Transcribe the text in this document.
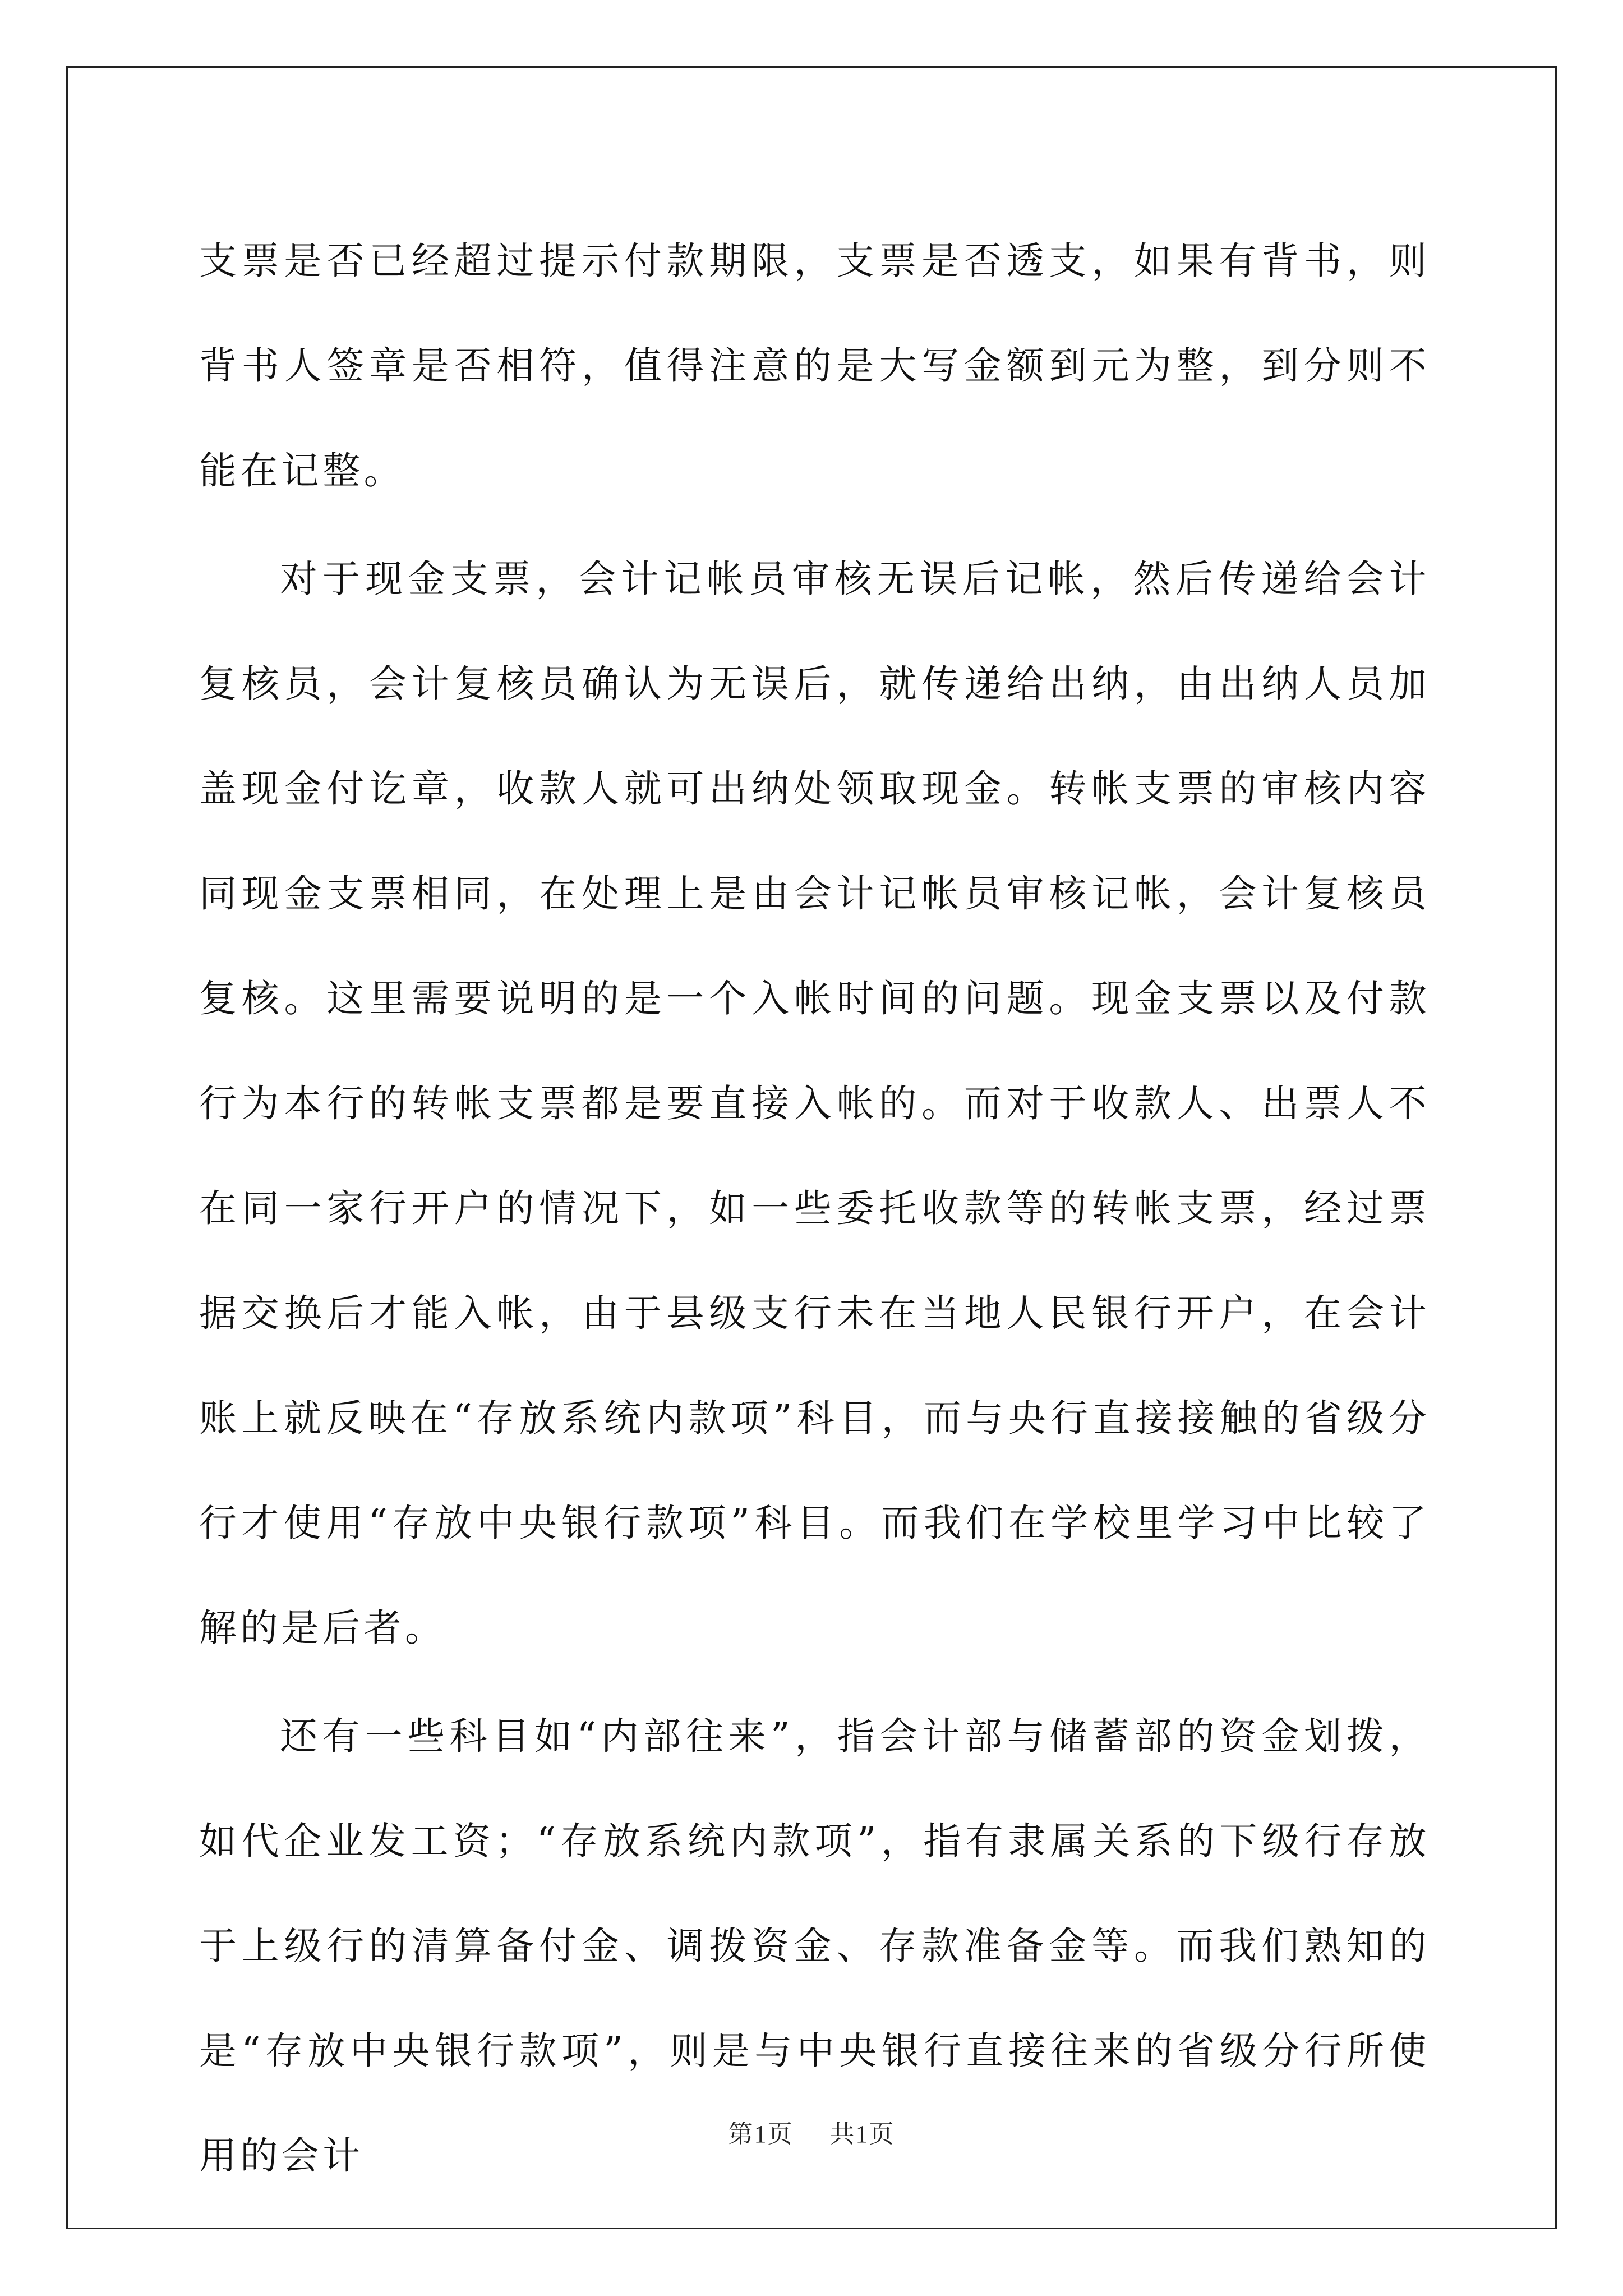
支票是否已经超过提示付款期限，支票是否透支，如果有背书，则背书人签章是否相符，值得注意的是大写金额到元为整，到分则不能在记整。

对于现金支票，会计记帐员审核无误后记帐，然后传递给会计复核员，会计复核员确认为无误后，就传递给出纳，由出纳人员加盖现金付讫章，收款人就可出纳处领取现金。转帐支票的审核内容同现金支票相同，在处理上是由会计记帐员审核记帐，会计复核员复核。这里需要说明的是一个入帐时间的问题。现金支票以及付款行为本行的转帐支票都是要直接入帐的。而对于收款人、出票人不在同一家行开户的情况下，如一些委托收款等的转帐支票，经过票据交换后才能入帐，由于县级支行未在当地人民银行开户，在会计账上就反映在“存放系统内款项”科目，而与央行直接接触的省级分行才使用“存放中央银行款项”科目。而我们在学校里学习中比较了解的是后者。

还有一些科目如“内部往来”，指会计部与储蓄部的资金划拨，如代企业发工资；“存放系统内款项”，指有隶属关系的下级行存放于上级行的清算备付金、调拨资金、存款准备金等。而我们熟知的是“存放中央银行款项”，则是与中央银行直接往来的省级分行所使用的会计	第1页 共1页
